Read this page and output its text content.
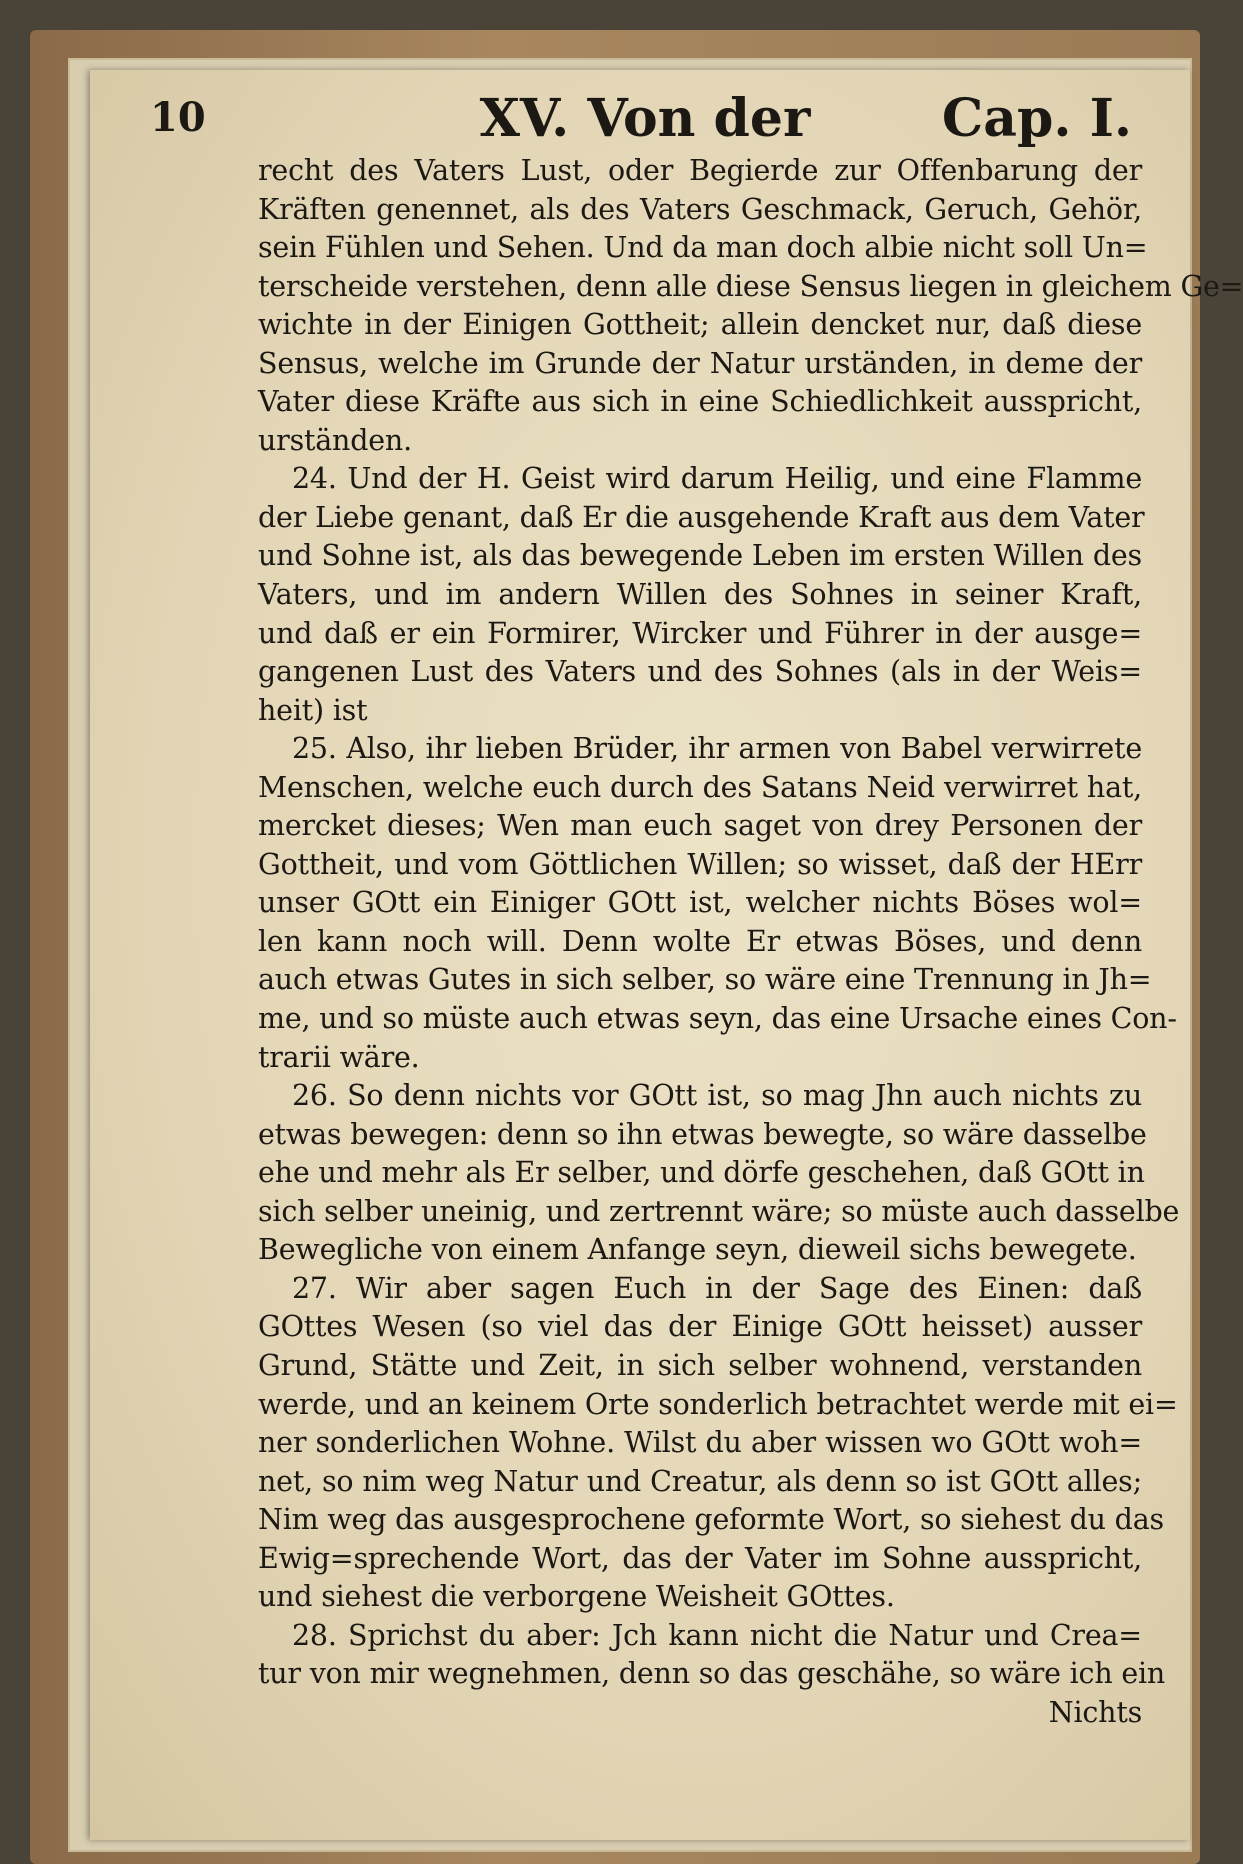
10	XV. Von der	Cap. I.
recht des Vaters Lust, oder Begierde zur Offenbarung der
Kräften genennet, als des Vaters Geschmack, Geruch, Gehör,
sein Fühlen und Sehen. Und da man doch albie nicht soll Un=
terscheide verstehen, denn alle diese Sensus liegen in gleichem Ge=
wichte in der Einigen Gottheit; allein dencket nur, daß diese
Sensus, welche im Grunde der Natur urständen, in deme der
Vater diese Kräfte aus sich in eine Schiedlichkeit ausspricht,
urständen.
24. Und der H. Geist wird darum Heilig, und eine Flamme
der Liebe genant, daß Er die ausgehende Kraft aus dem Vater
und Sohne ist, als das bewegende Leben im ersten Willen des
Vaters, und im andern Willen des Sohnes in seiner Kraft,
und daß er ein Formirer, Wircker und Führer in der ausge=
gangenen Lust des Vaters und des Sohnes (als in der Weis=
heit) ist
25. Also, ihr lieben Brüder, ihr armen von Babel verwirrete
Menschen, welche euch durch des Satans Neid verwirret hat,
mercket dieses; Wen man euch saget von drey Personen der
Gottheit, und vom Göttlichen Willen; so wisset, daß der HErr
unser GOtt ein Einiger GOtt ist, welcher nichts Böses wol=
len kann noch will. Denn wolte Er etwas Böses, und denn
auch etwas Gutes in sich selber, so wäre eine Trennung in Jh=
me, und so müste auch etwas seyn, das eine Ursache eines Con-
trarii wäre.
26. So denn nichts vor GOtt ist, so mag Jhn auch nichts zu
etwas bewegen: denn so ihn etwas bewegte, so wäre dasselbe
ehe und mehr als Er selber, und dörfe geschehen, daß GOtt in
sich selber uneinig, und zertrennt wäre; so müste auch dasselbe
Bewegliche von einem Anfange seyn, dieweil sichs bewegete.
27. Wir aber sagen Euch in der Sage des Einen: daß
GOttes Wesen (so viel das der Einige GOtt heisset) ausser
Grund, Stätte und Zeit, in sich selber wohnend, verstanden
werde, und an keinem Orte sonderlich betrachtet werde mit ei=
ner sonderlichen Wohne. Wilst du aber wissen wo GOtt woh=
net, so nim weg Natur und Creatur, als denn so ist GOtt alles;
Nim weg das ausgesprochene geformte Wort, so siehest du das
Ewig=sprechende Wort, das der Vater im Sohne ausspricht,
und siehest die verborgene Weisheit GOttes.
28. Sprichst du aber: Jch kann nicht die Natur und Crea=
tur von mir wegnehmen, denn so das geschähe, so wäre ich ein
Nichts
